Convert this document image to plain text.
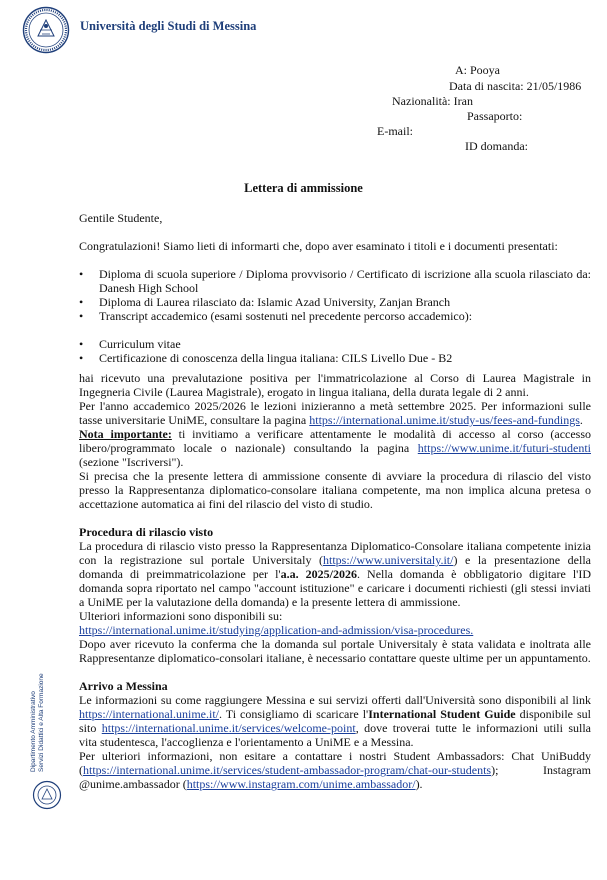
Università degli Studi di Messina
A: Pooya
Data di nascita: 21/05/1986
Nazionalità: Iran
Passaporto:
E-mail:
ID domanda:
Lettera di ammissione

Gentile Studente,

Congratulazioni! Siamo lieti di informarti che, dopo aver esaminato i titoli e i documenti presentati:

• Diploma di scuola superiore / Diploma provvisorio / Certificato di iscrizione alla scuola rilasciato da: Danesh High School
• Diploma di Laurea rilasciato da: Islamic Azad University, Zanjan Branch
• Transcript accademico (esami sostenuti nel precedente percorso accademico):
• Curriculum vitae
• Certificazione di conoscenza della lingua italiana: CILS Livello Due - B2

hai ricevuto una prevalutazione positiva per l'immatricolazione al Corso di Laurea Magistrale in Ingegneria Civile (Laurea Magistrale), erogato in lingua italiana, della durata legale di 2 anni.

Per l'anno accademico 2025/2026 le lezioni inizieranno a metà settembre 2025. Per informazioni sulle tasse universitarie UniME, consultare la pagina https://international.unime.it/study-us/fees-and-fundings.

Nota importante: ti invitiamo a verificare attentamente le modalità di accesso al corso (accesso libero/programmato locale o nazionale) consultando la pagina https://www.unime.it/futuri-studenti (sezione "Iscriversi").

Si precisa che la presente lettera di ammissione consente di avviare la procedura di rilascio del visto presso la Rappresentanza diplomatico-consolare italiana competente, ma non implica alcuna pretesa o accettazione automatica ai fini del rilascio del visto di studio.

Procedura di rilascio visto

La procedura di rilascio visto presso la Rappresentanza Diplomatico-Consolare italiana competente inizia con la registrazione sul portale Universitaly (https://www.universitaly.it/) e la presentazione della domanda di preimmatricolazione per l'a.a. 2025/2026. Nella domanda è obbligatorio digitare l'ID domanda sopra riportato nel campo "account istituzione" e caricare i documenti richiesti (gli stessi inviati a UniME per la valutazione della domanda) e la presente lettera di ammissione.

Ulteriori informazioni sono disponibili su:

https://international.unime.it/studying/application-and-admission/visa-procedures.

Dopo aver ricevuto la conferma che la domanda sul portale Universitaly è stata validata e inoltrata alle Rappresentanze diplomatico-consolari italiane, è necessario contattare queste ultime per un appuntamento.

Arrivo a Messina

Le informazioni su come raggiungere Messina e sui servizi offerti dall'Università sono disponibili al link https://international.unime.it/. Ti consigliamo di scaricare l'International Student Guide disponibile sul sito https://international.unime.it/services/welcome-point, dove troverai tutte le informazioni utili sulla vita studentesca, l'accoglienza e l'orientamento a UniME e a Messina.

Per ulteriori informazioni, non esitare a contattare i nostri Student Ambassadors: Chat UniBuddy (https://international.unime.it/services/student-ambassador-program/chat-our-students); Instagram @unime.ambassador (https://www.instagram.com/unime.ambassador/).

Dipartimento Amministrativo Servizi Didattici e Alta Formazione
